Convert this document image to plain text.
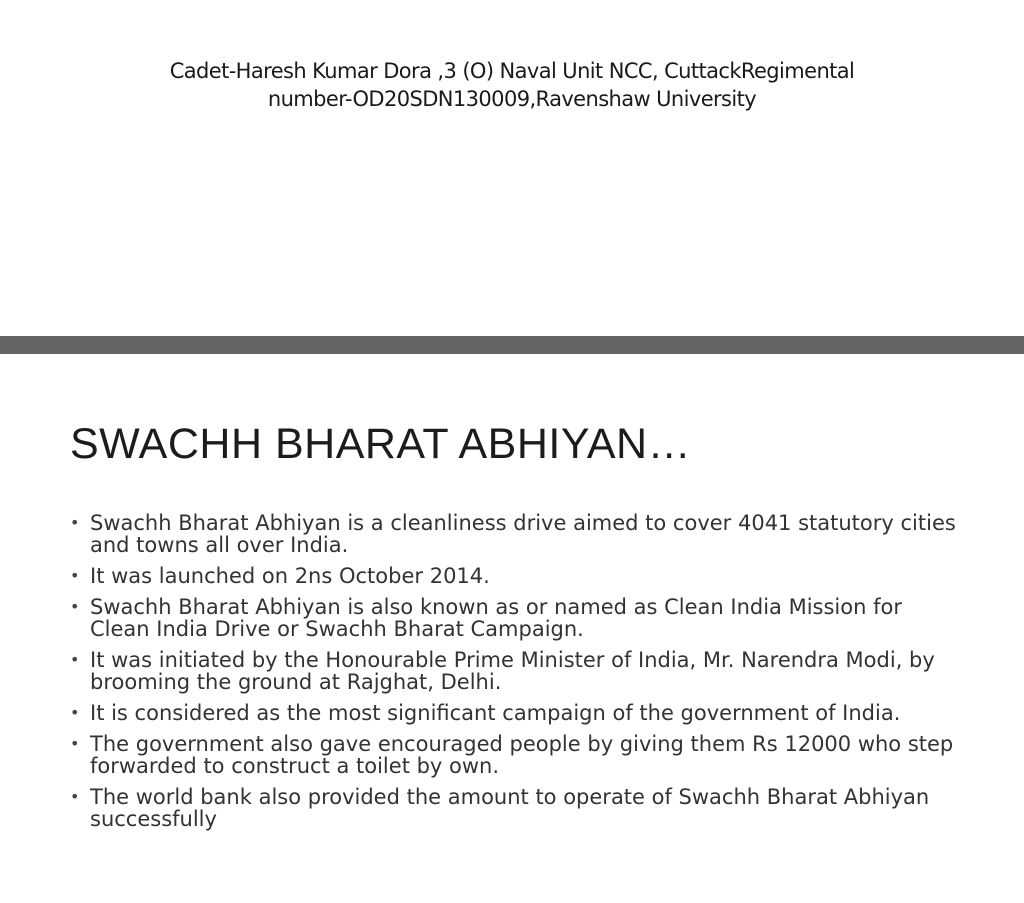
Cadet-Haresh Kumar Dora ,3 (O) Naval Unit NCC, CuttackRegimental
number-OD20SDN130009,Ravenshaw University
SWACHH BHARAT ABHIYAN…
• Swachh Bharat Abhiyan is a cleanliness drive aimed to cover 4041 statutory cities and towns all over India.
• It was launched on 2ns October 2014.
• Swachh Bharat Abhiyan is also known as or named as Clean India Mission for Clean India Drive or Swachh Bharat Campaign.
• It was initiated by the Honourable Prime Minister of India, Mr. Narendra Modi, by brooming the ground at Rajghat, Delhi.
• It is considered as the most significant campaign of the government of India.
• The government also gave encouraged people by giving them Rs 12000 who step forwarded to construct a toilet by own.
• The world bank also provided the amount to operate of Swachh Bharat Abhiyan successfully
